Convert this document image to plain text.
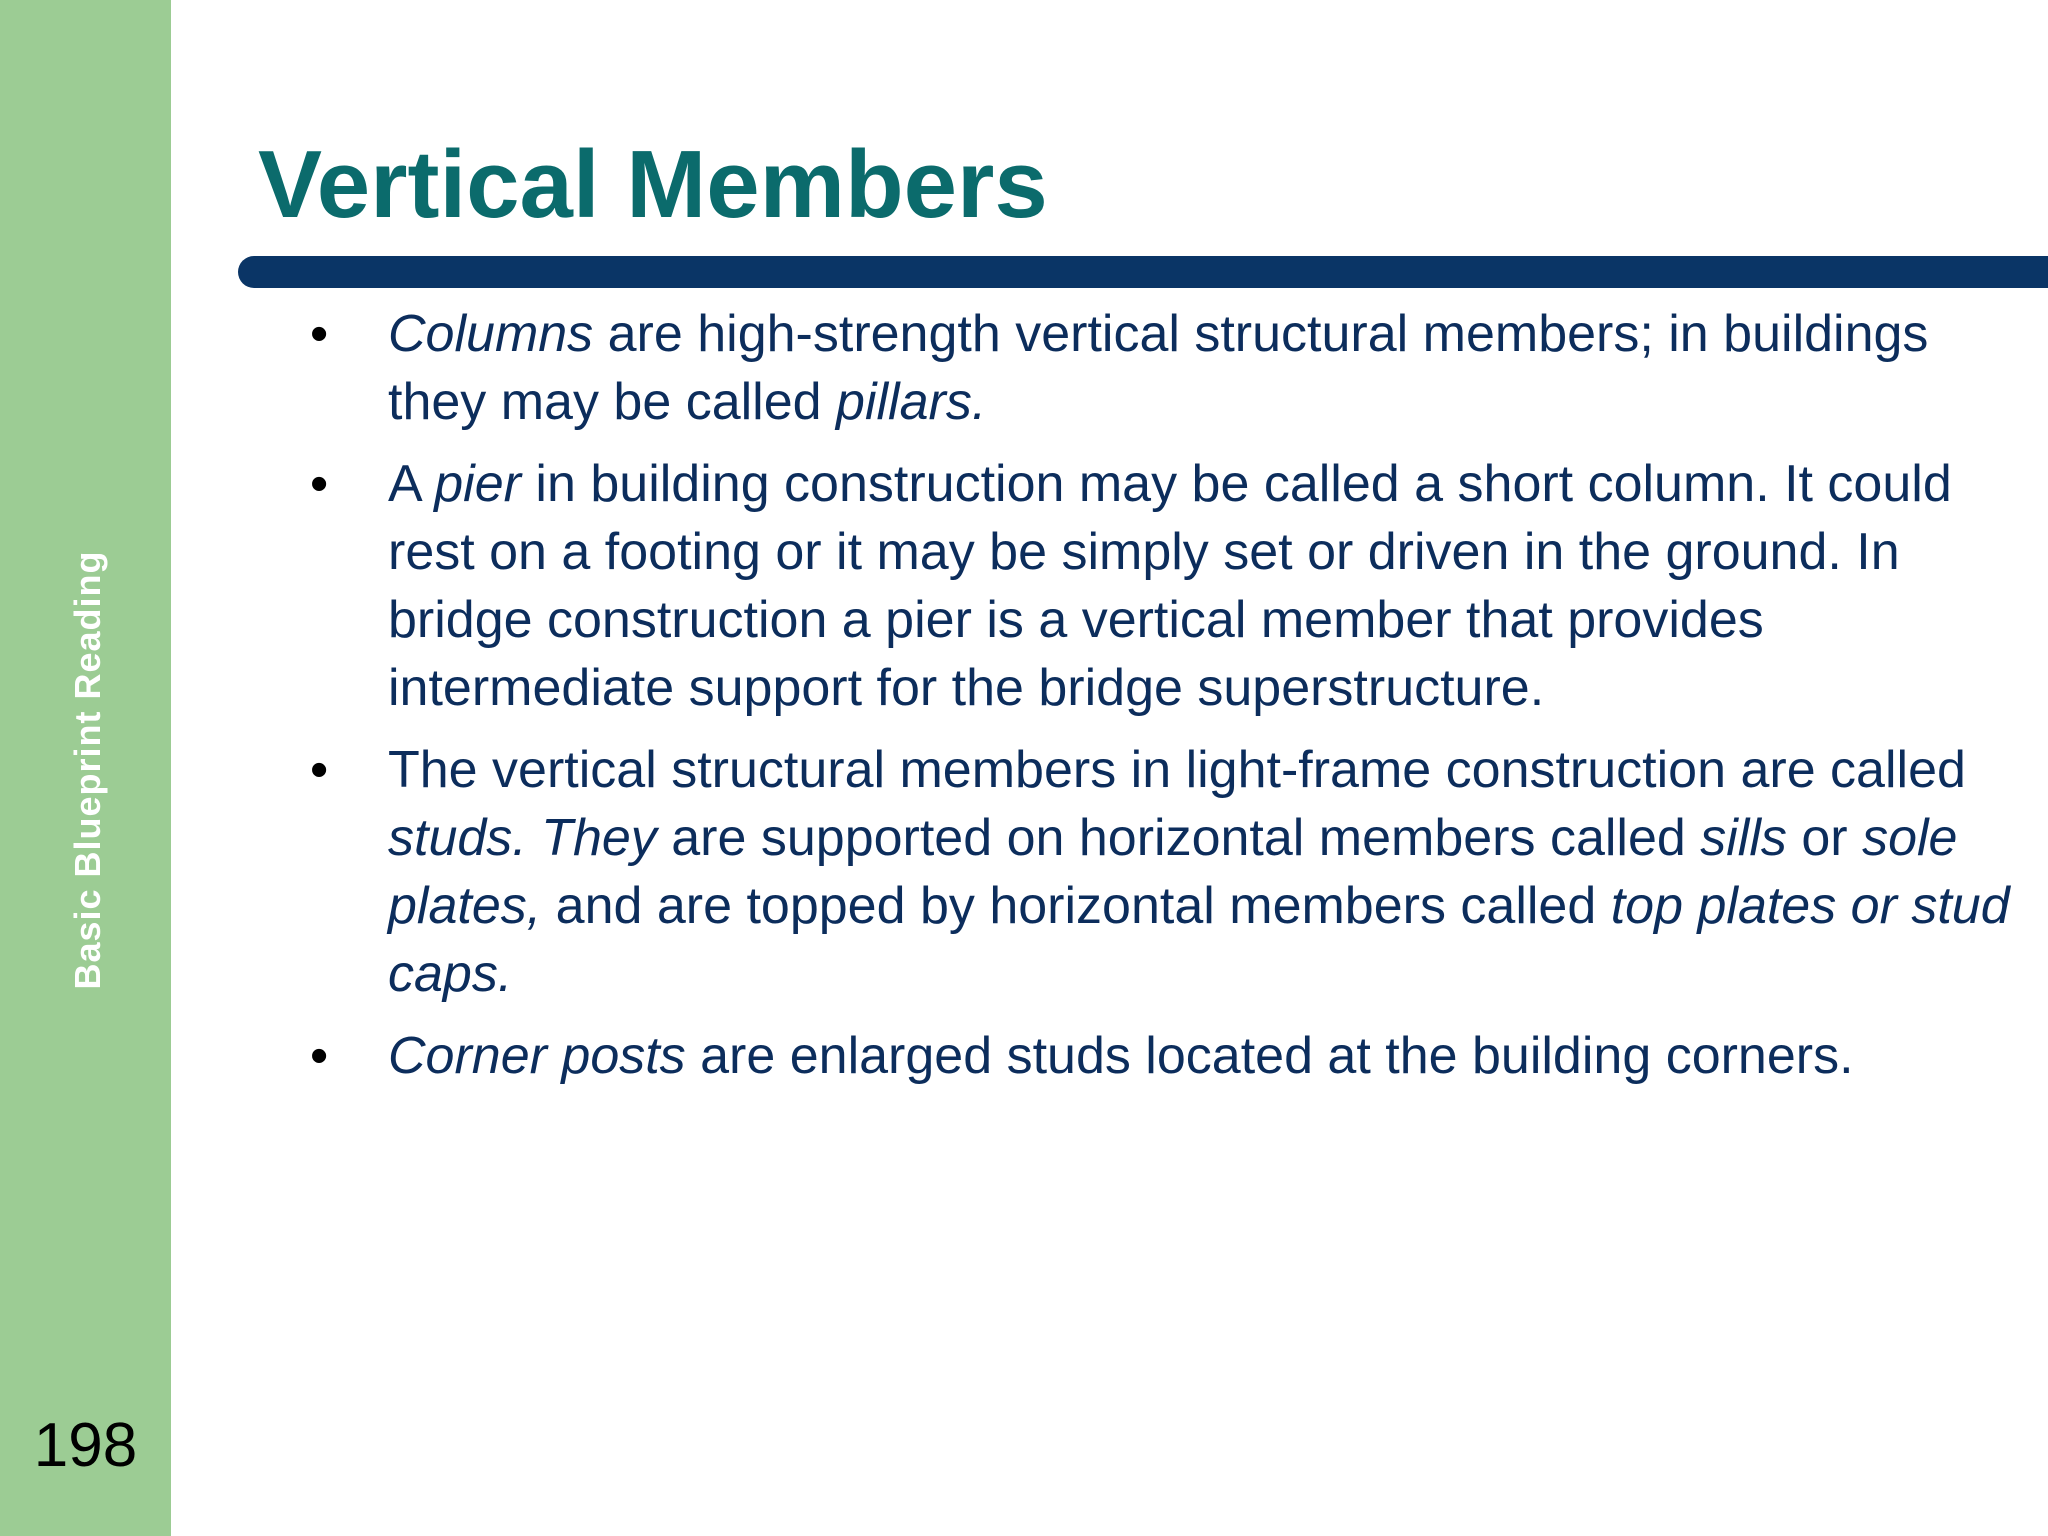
Basic Blueprint Reading
198
Vertical Members
• Columns are high-strength vertical structural members; in buildings they may be called pillars.
• A pier in building construction may be called a short column. It could rest on a footing or it may be simply set or driven in the ground. In bridge construction a pier is a vertical member that provides intermediate support for the bridge superstructure.
• The vertical structural members in light-frame construction are called studs. They are supported on horizontal members called sills or sole plates, and are topped by horizontal members called top plates or stud caps.
• Corner posts are enlarged studs located at the building corners.
